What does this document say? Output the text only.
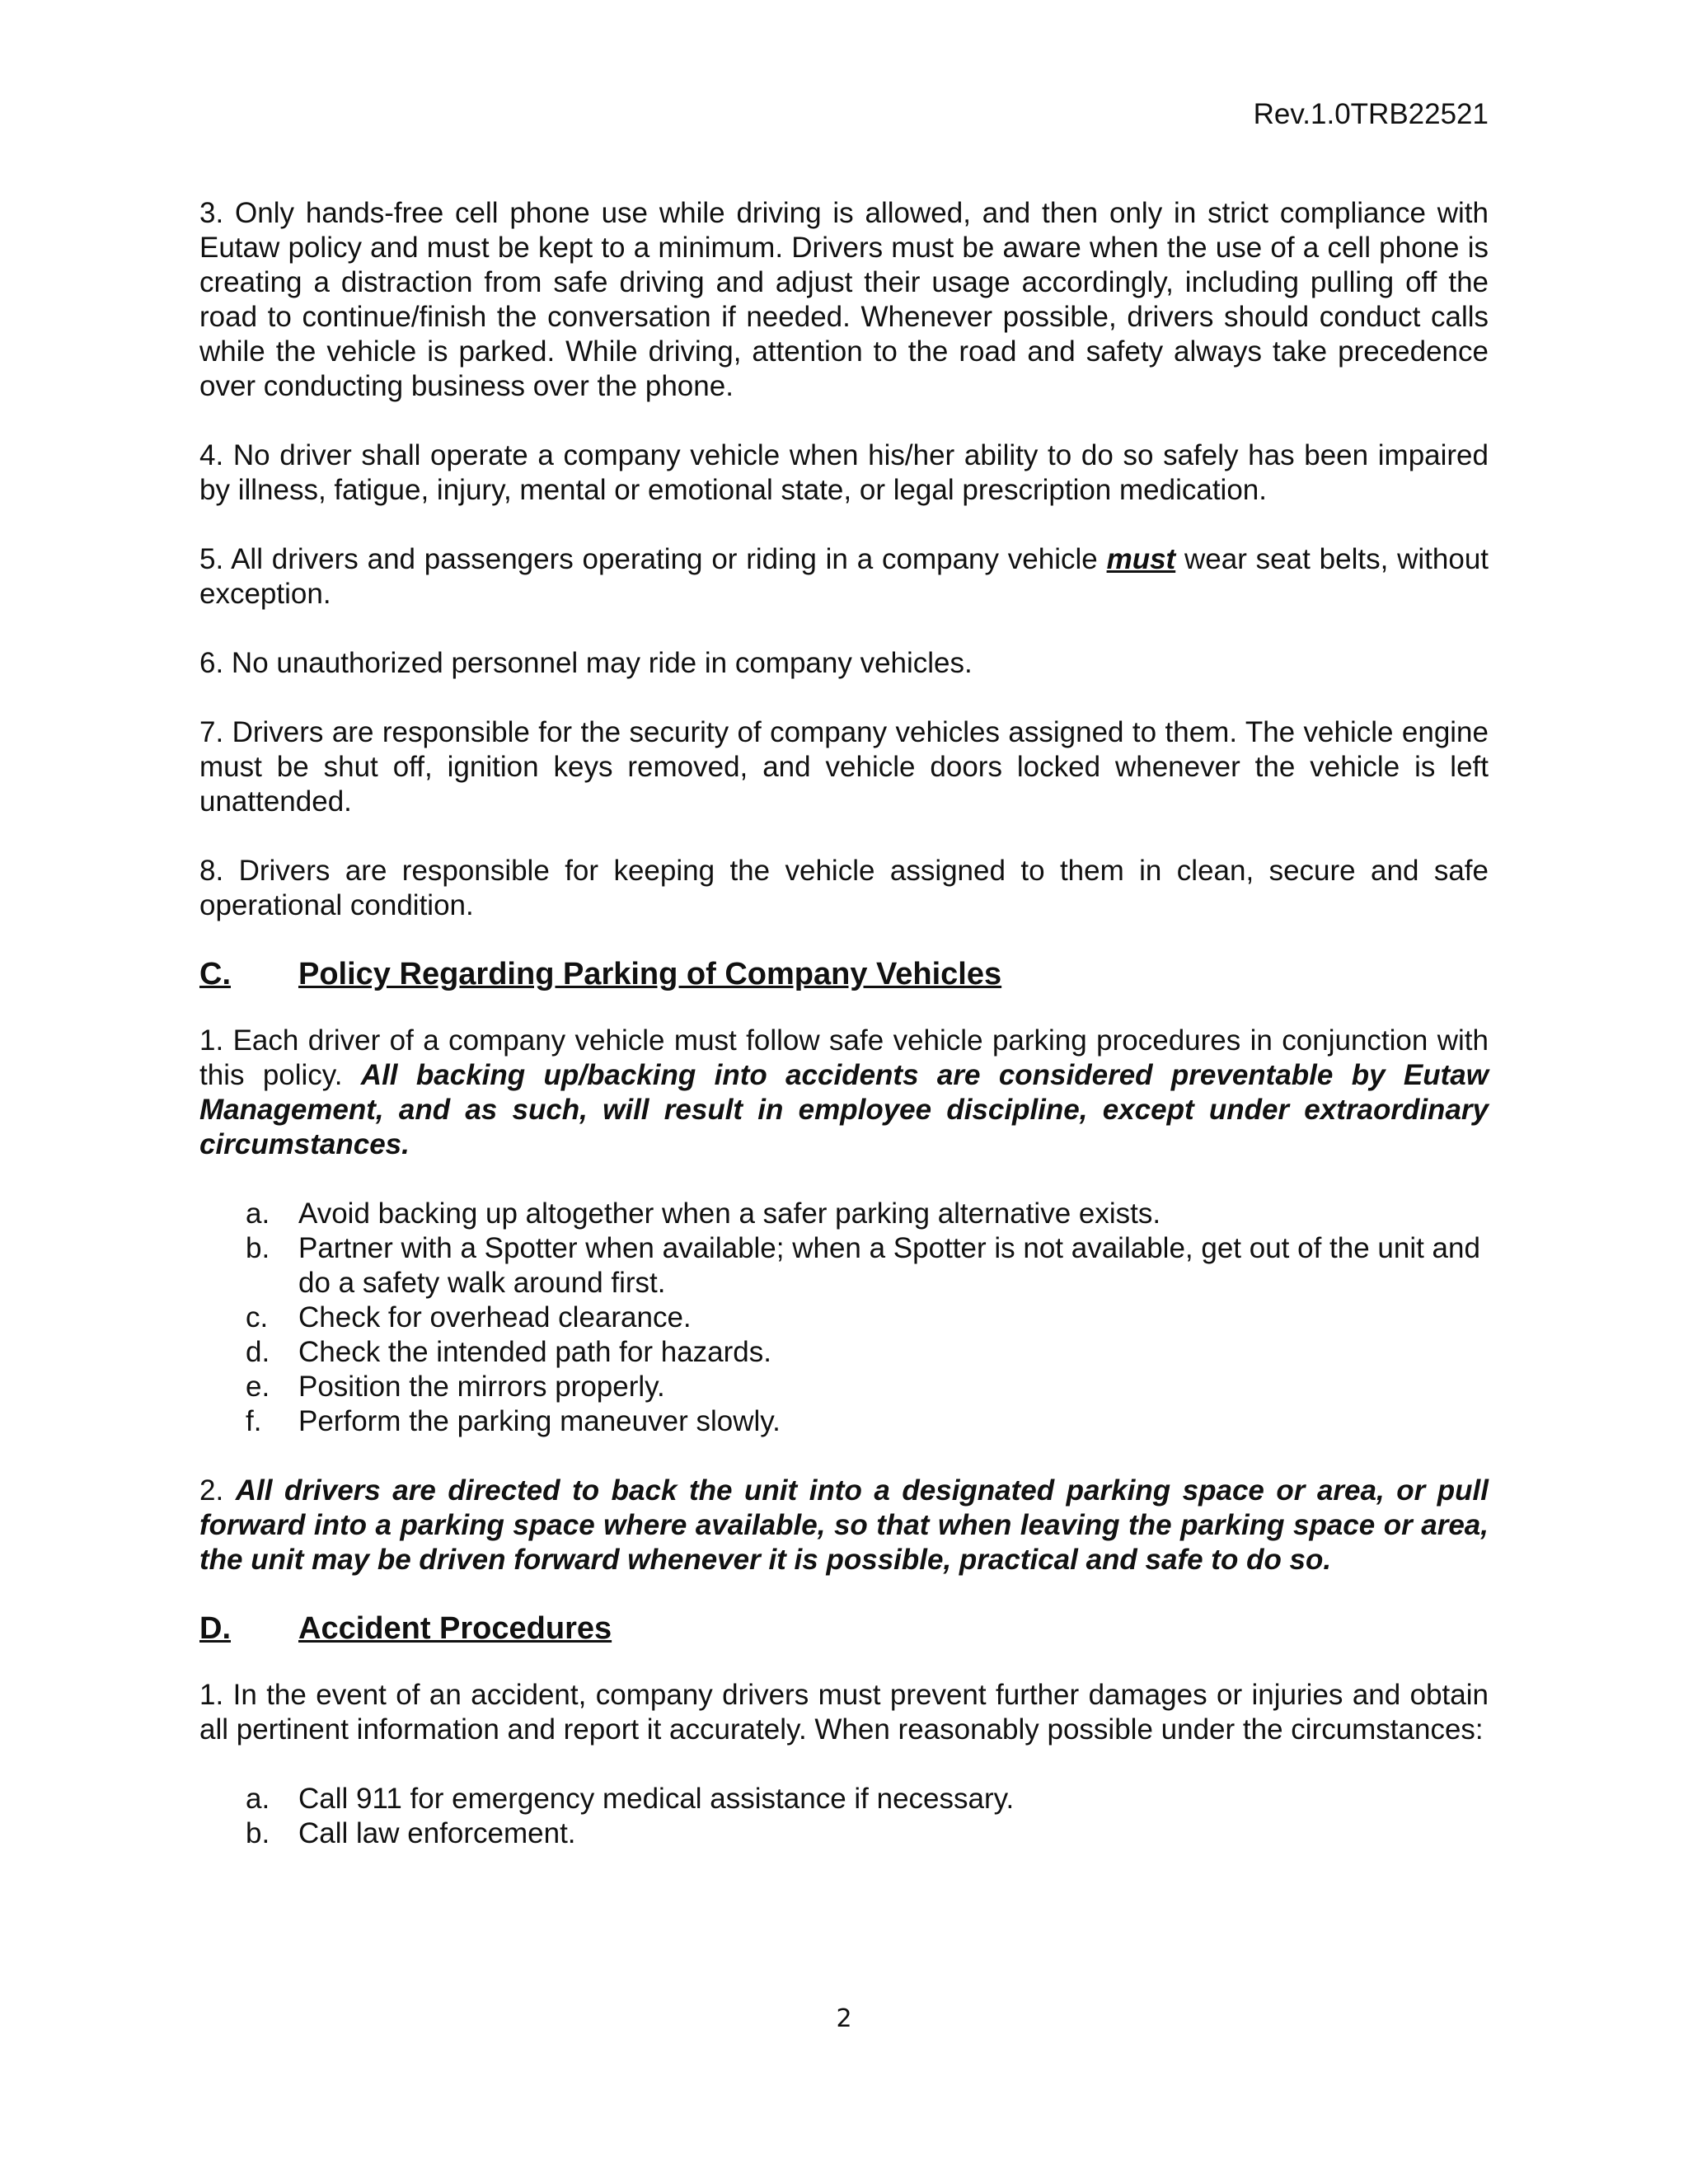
Rev.1.0TRB22521

3. Only hands-free cell phone use while driving is allowed, and then only in strict compliance with Eutaw policy and must be kept to a minimum. Drivers must be aware when the use of a cell phone is creating a distraction from safe driving and adjust their usage accordingly, including pulling off the road to continue/finish the conversation if needed. Whenever possible, drivers should conduct calls while the vehicle is parked. While driving, attention to the road and safety always take precedence over conducting business over the phone.

4. No driver shall operate a company vehicle when his/her ability to do so safely has been impaired by illness, fatigue, injury, mental or emotional state, or legal prescription medication.

5. All drivers and passengers operating or riding in a company vehicle must wear seat belts, without exception.

6. No unauthorized personnel may ride in company vehicles.

7. Drivers are responsible for the security of company vehicles assigned to them. The vehicle engine must be shut off, ignition keys removed, and vehicle doors locked whenever the vehicle is left unattended.

8. Drivers are responsible for keeping the vehicle assigned to them in clean, secure and safe operational condition.

C.	Policy Regarding Parking of Company Vehicles

1. Each driver of a company vehicle must follow safe vehicle parking procedures in conjunction with this policy. All backing up/backing into accidents are considered preventable by Eutaw Management, and as such, will result in employee discipline, except under extraordinary circumstances.

a. Avoid backing up altogether when a safer parking alternative exists.
b. Partner with a Spotter when available; when a Spotter is not available, get out of the unit and do a safety walk around first.
c.	Check for overhead clearance.
d. Check the intended path for hazards.
e. Position the mirrors properly.
f.	Perform the parking maneuver slowly.

2. All drivers are directed to back the unit into a designated parking space or area, or pull forward into a parking space where available, so that when leaving the parking space or area, the unit may be driven forward whenever it is possible, practical and safe to do so.

D.	Accident Procedures

1. In the event of an accident, company drivers must prevent further damages or injuries and obtain all pertinent information and report it accurately. When reasonably possible under the circumstances:

a. Call 911 for emergency medical assistance if necessary.
b. Call law enforcement.
2
